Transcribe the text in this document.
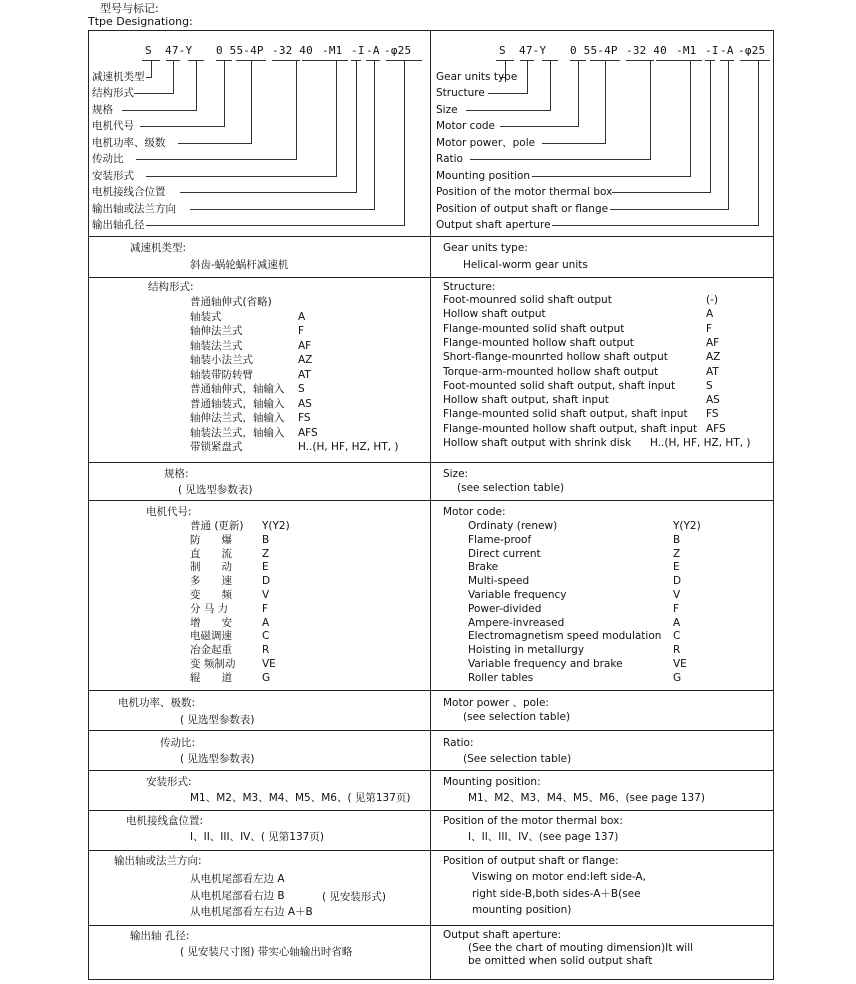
型号与标记:
Ttpe Designationg:
S 47-Y 0 55-4P -32 40 -M1 -I -A -φ25
减速机类型
结构形式
规格
电机代号
电机功率、级数
传动比
安装形式
电机接线合位置
输出轴或法兰方向
输出轴孔径
S 47-Y 0 55-4P -32 40 -M1 -I -A -φ25
Gear units type
Structure
Size
Motor code
Motor power、pole
Ratio
Mounting position
Position of the motor thermal box
Position of output shaft or flange
Output shaft aperture
减速机类型:
斜齿-蜗轮蜗杆减速机
Gear units type:
Helical-worm gear units
结构形式:	Structure:
普通轴伸式(省略)
轴装式	A
轴伸法兰式	F
轴装法兰式	AF
轴装小法兰式	AZ
轴装带防转臂	AT
普通轴伸式，轴输入 S
普通轴装式，轴输入 AS
轴伸法兰式，轴输入 FS
轴装法兰式，轴输入 AFS
带锁紧盘式	H..(H, HF, HZ, HT, )
Foot-mounred solid shaft output	(-)
Hollow shaft output	A
Flange-mounted solid shaft output	F
Flange-mounted hollow shaft output	AF
Short-flange-mounrted hollow shaft output	AZ
Torque-arm-mounted hollow shaft output	AT
Foot-mounted solid shaft output, shaft input	S
Hollow shaft output, shaft input	AS
Flange-mounted solid shaft output, shaft input FS
Flange-mounted hollow shaft output, shaft input AFS
Hollow shaft output with shrink disk H..(H, HF, HZ, HT, )
规格:
( 见选型参数表)
Size:
(see selection table)
电机代号:	Motor code:
普通 (更新) Y(Y2)
防　　爆	B
直　　流	Z
制　　动	E
多　　速	D
变　　频	V
分 马 力	F
增　　安	A
电磁调速	C
冶金起重	R
变 频制动	VE
辊　　道	G
Ordinaty (renew)	Y(Y2)
Flame-proof	B
Direct current	Z
Brake	E
Multi-speed	D
Variable frequency	V
Power-divided	F
Ampere-invreased	A
Electromagnetism speed modulation C
Hoisting in metallurgy	R
Variable frequency and brake	VE
Roller tables	G
电机功率、极数:
( 见选型参数表)
Motor power 、pole:
(see selection table)
传动比:
( 见选型参数表)
Ratio:
(See selection table)
安装形式:
M1、M2、M3、M4、M5、M6、( 见第137页)
Mounting position:
M1、M2、M3、M4、M5、M6、(see page 137)
电机接线盒位置:
I、II、III、IV、( 见第137页)
Position of the motor thermal box:
I、II、III、IV、(see page 137)
输出轴或法兰方向:
从电机尾部看左边 A
从电机尾部看右边 B
从电机尾部看左右边 A＋B
( 见安装形式)
Position of output shaft or flange:
Viswing on motor end:left side-A,
right side-B,both sides-A＋B(see
mounting position)
输出轴 孔径:
( 见安装尺寸图) 带实心轴输出时省略
Output shaft aperture:
(See the chart of mouting dimension)It will
be omitted when solid output shaft
